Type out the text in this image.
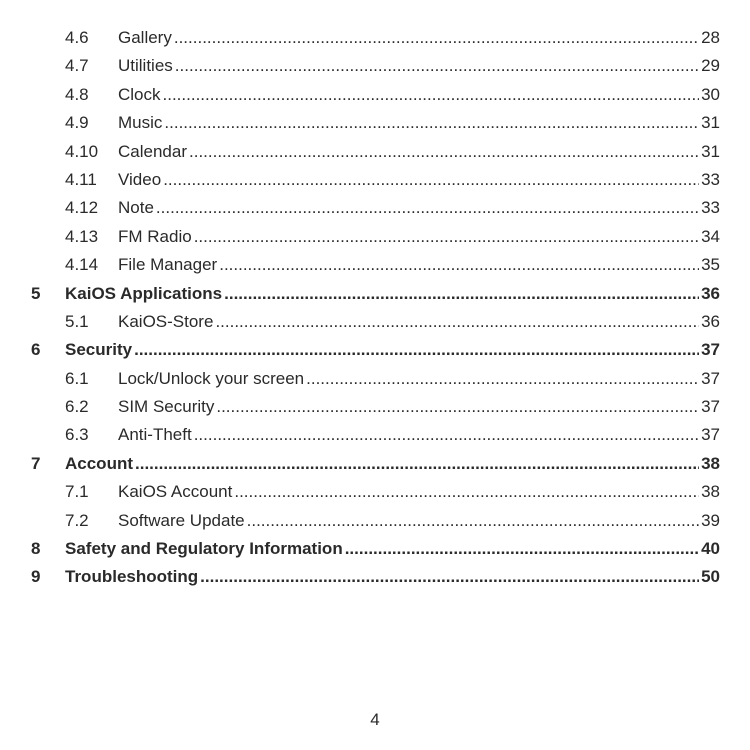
4.6 Gallery .....	28
4.7 Utilities .....	29
4.8 Clock .....	30
4.9 Music .....	31
4.10 Calendar .....	31
4.11 Video .....	33
4.12 Note .....	33
4.13 FM Radio .....	34
4.14 File Manager .....	35
5 KaiOS Applications .....	36
5.1 KaiOS-Store .....	36
6 Security .....	37
6.1 Lock/Unlock your screen .....	37
6.2 SIM Security .....	37
6.3 Anti-Theft .....	37
7 Account .....	38
7.1 KaiOS Account .....	38
7.2 Software Update .....	39
8 Safety and Regulatory Information .....	40
9 Troubleshooting .....	50
4
